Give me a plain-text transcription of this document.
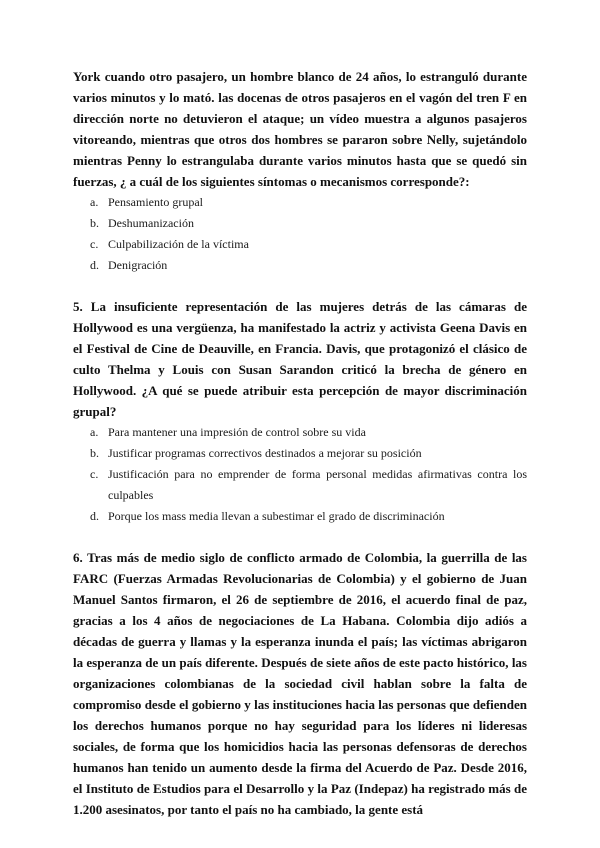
York cuando otro pasajero, un hombre blanco de 24 años, lo estranguló durante varios minutos y lo mató. las docenas de otros pasajeros en el vagón del tren F en dirección norte no detuvieron el ataque; un vídeo muestra a algunos pasajeros vitoreando, mientras que otros dos hombres se pararon sobre Nelly, sujetándolo mientras Penny lo estrangulaba durante varios minutos hasta que se quedó sin fuerzas, ¿ a cuál de los siguientes síntomas o mecanismos corresponde?:

a. Pensamiento grupal
b. Deshumanización
c. Culpabilización de la víctima
d. Denigración

5. La insuficiente representación de las mujeres detrás de las cámaras de Hollywood es una vergüenza, ha manifestado la actriz y activista Geena Davis en el Festival de Cine de Deauville, en Francia. Davis, que protagonizó el clásico de culto Thelma y Louis con Susan Sarandon criticó la brecha de género en Hollywood. ¿A qué se puede atribuir esta percepción de mayor discriminación grupal?

a. Para mantener una impresión de control sobre su vida
b. Justificar programas correctivos destinados a mejorar su posición
c. Justificación para no emprender de forma personal medidas afirmativas contra los culpables
d. Porque los mass media llevan a subestimar el grado de discriminación

6. Tras más de medio siglo de conflicto armado de Colombia, la guerrilla de las FARC (Fuerzas Armadas Revolucionarias de Colombia) y el gobierno de Juan Manuel Santos firmaron, el 26 de septiembre de 2016, el acuerdo final de paz, gracias a los 4 años de negociaciones de La Habana. Colombia dijo adiós a décadas de guerra y llamas y la esperanza inunda el país; las víctimas abrigaron la esperanza de un país diferente. Después de siete años de este pacto histórico, las organizaciones colombianas de la sociedad civil hablan sobre la falta de compromiso desde el gobierno y las instituciones hacia las personas que defienden los derechos humanos porque no hay seguridad para los líderes ni lideresas sociales, de forma que los homicidios hacia las personas defensoras de derechos humanos han tenido un aumento desde la firma del Acuerdo de Paz. Desde 2016, el Instituto de Estudios para el Desarrollo y la Paz (Indepaz) ha registrado más de 1.200 asesinatos, por tanto el país no ha cambiado, la gente está
